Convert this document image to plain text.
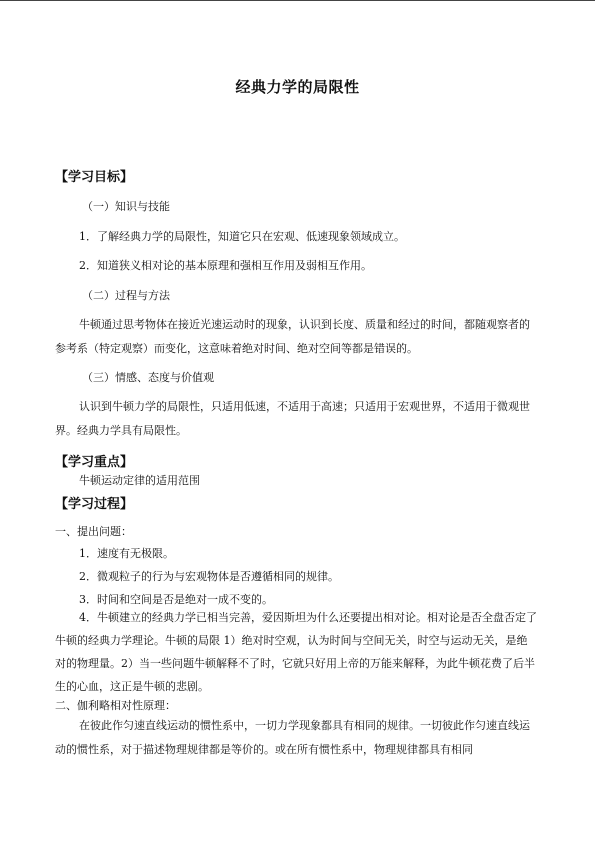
经典力学的局限性
【学习目标】
（一）知识与技能
1．了解经典力学的局限性，知道它只在宏观、低速现象领域成立。
2．知道狭义相对论的基本原理和强相互作用及弱相互作用。
（二）过程与方法
牛顿通过思考物体在接近光速运动时的现象，认识到长度、质量和经过的时间，都随观察者的参考系（特定观察）而变化，这意味着绝对时间、绝对空间等都是错误的。
（三）情感、态度与价值观
认识到牛顿力学的局限性，只适用低速，不适用于高速；只适用于宏观世界，不适用于微观世界。经典力学具有局限性。
【学习重点】
牛顿运动定律的适用范围
【学习过程】
一、提出问题：
1．速度有无极限。
2．微观粒子的行为与宏观物体是否遵循相同的规律。
3．时间和空间是否是绝对一成不变的。
4．牛顿建立的经典力学已相当完善，爱因斯坦为什么还要提出相对论。相对论是否全盘否定了牛顿的经典力学理论。牛顿的局限 1）绝对时空观，认为时间与空间无关，时空与运动无关，是绝对的物理量。2）当一些问题牛顿解释不了时，它就只好用上帝的万能来解释，为此牛顿花费了后半生的心血，这正是牛顿的悲剧。
二、伽利略相对性原理：
在彼此作匀速直线运动的惯性系中，一切力学现象都具有相同的规律。一切彼此作匀速直线运动的惯性系，对于描述物理规律都是等价的。或在所有惯性系中，物理规律都具有相同
